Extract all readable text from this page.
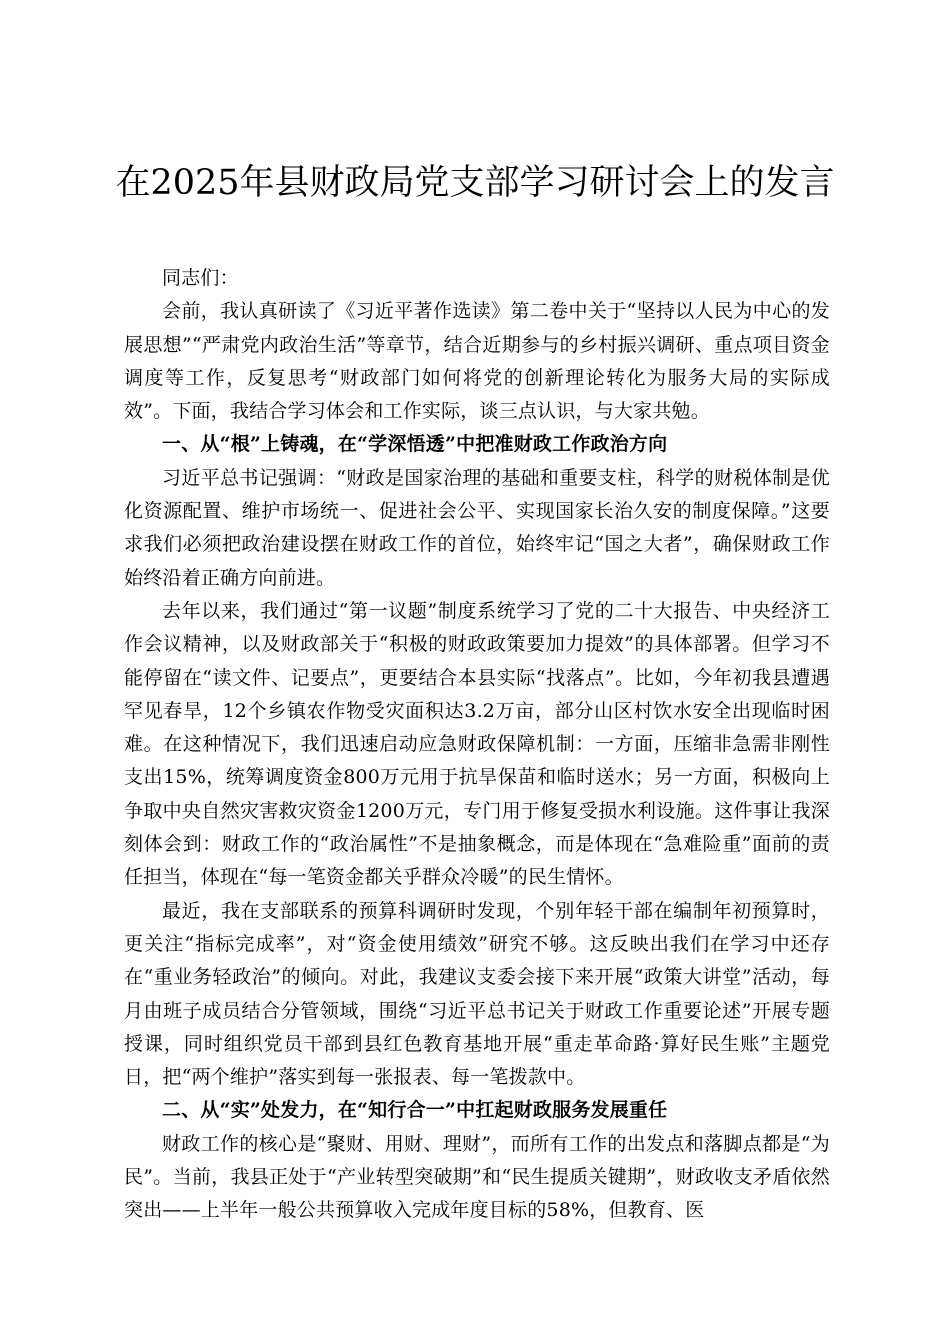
在2025年县财政局党支部学习研讨会上的发言

同志们：

会前，我认真研读了《习近平著作选读》第二卷中关于“坚持以人民为中心的发展思想”“严肃党内政治生活”等章节，结合近期参与的乡村振兴调研、重点项目资金调度等工作，反复思考“财政部门如何将党的创新理论转化为服务大局的实际成效”。下面，我结合学习体会和工作实际，谈三点认识，与大家共勉。

一、从“根”上铸魂，在“学深悟透”中把准财政工作政治方向

习近平总书记强调：“财政是国家治理的基础和重要支柱，科学的财税体制是优化资源配置、维护市场统一、促进社会公平、实现国家长治久安的制度保障。”这要求我们必须把政治建设摆在财政工作的首位，始终牢记“国之大者”，确保财政工作始终沿着正确方向前进。

去年以来，我们通过“第一议题”制度系统学习了党的二十大报告、中央经济工作会议精神，以及财政部关于“积极的财政政策要加力提效”的具体部署。但学习不能停留在“读文件、记要点”，更要结合本县实际“找落点”。比如，今年初我县遭遇罕见春旱，12个乡镇农作物受灾面积达3.2万亩，部分山区村饮水安全出现临时困难。在这种情况下，我们迅速启动应急财政保障机制：一方面，压缩非急需非刚性支出15%，统筹调度资金800万元用于抗旱保苗和临时送水；另一方面，积极向上争取中央自然灾害救灾资金1200万元，专门用于修复受损水利设施。这件事让我深刻体会到：财政工作的“政治属性”不是抽象概念，而是体现在“急难险重”面前的责任担当，体现在“每一笔资金都关乎群众冷暖”的民生情怀。

最近，我在支部联系的预算科调研时发现，个别年轻干部在编制年初预算时，更关注“指标完成率”，对“资金使用绩效”研究不够。这反映出我们在学习中还存在“重业务轻政治”的倾向。对此，我建议支委会接下来开展“政策大讲堂”活动，每月由班子成员结合分管领域，围绕“习近平总书记关于财政工作重要论述”开展专题授课，同时组织党员干部到县红色教育基地开展“重走革命路·算好民生账”主题党日，把“两个维护”落实到每一张报表、每一笔拨款中。

二、从“实”处发力，在“知行合一”中扛起财政服务发展重任

财政工作的核心是“聚财、用财、理财”，而所有工作的出发点和落脚点都是“为民”。当前，我县正处于“产业转型突破期”和“民生提质关键期”，财政收支矛盾依然突出——上半年一般公共预算收入完成年度目标的58%，但教育、医
